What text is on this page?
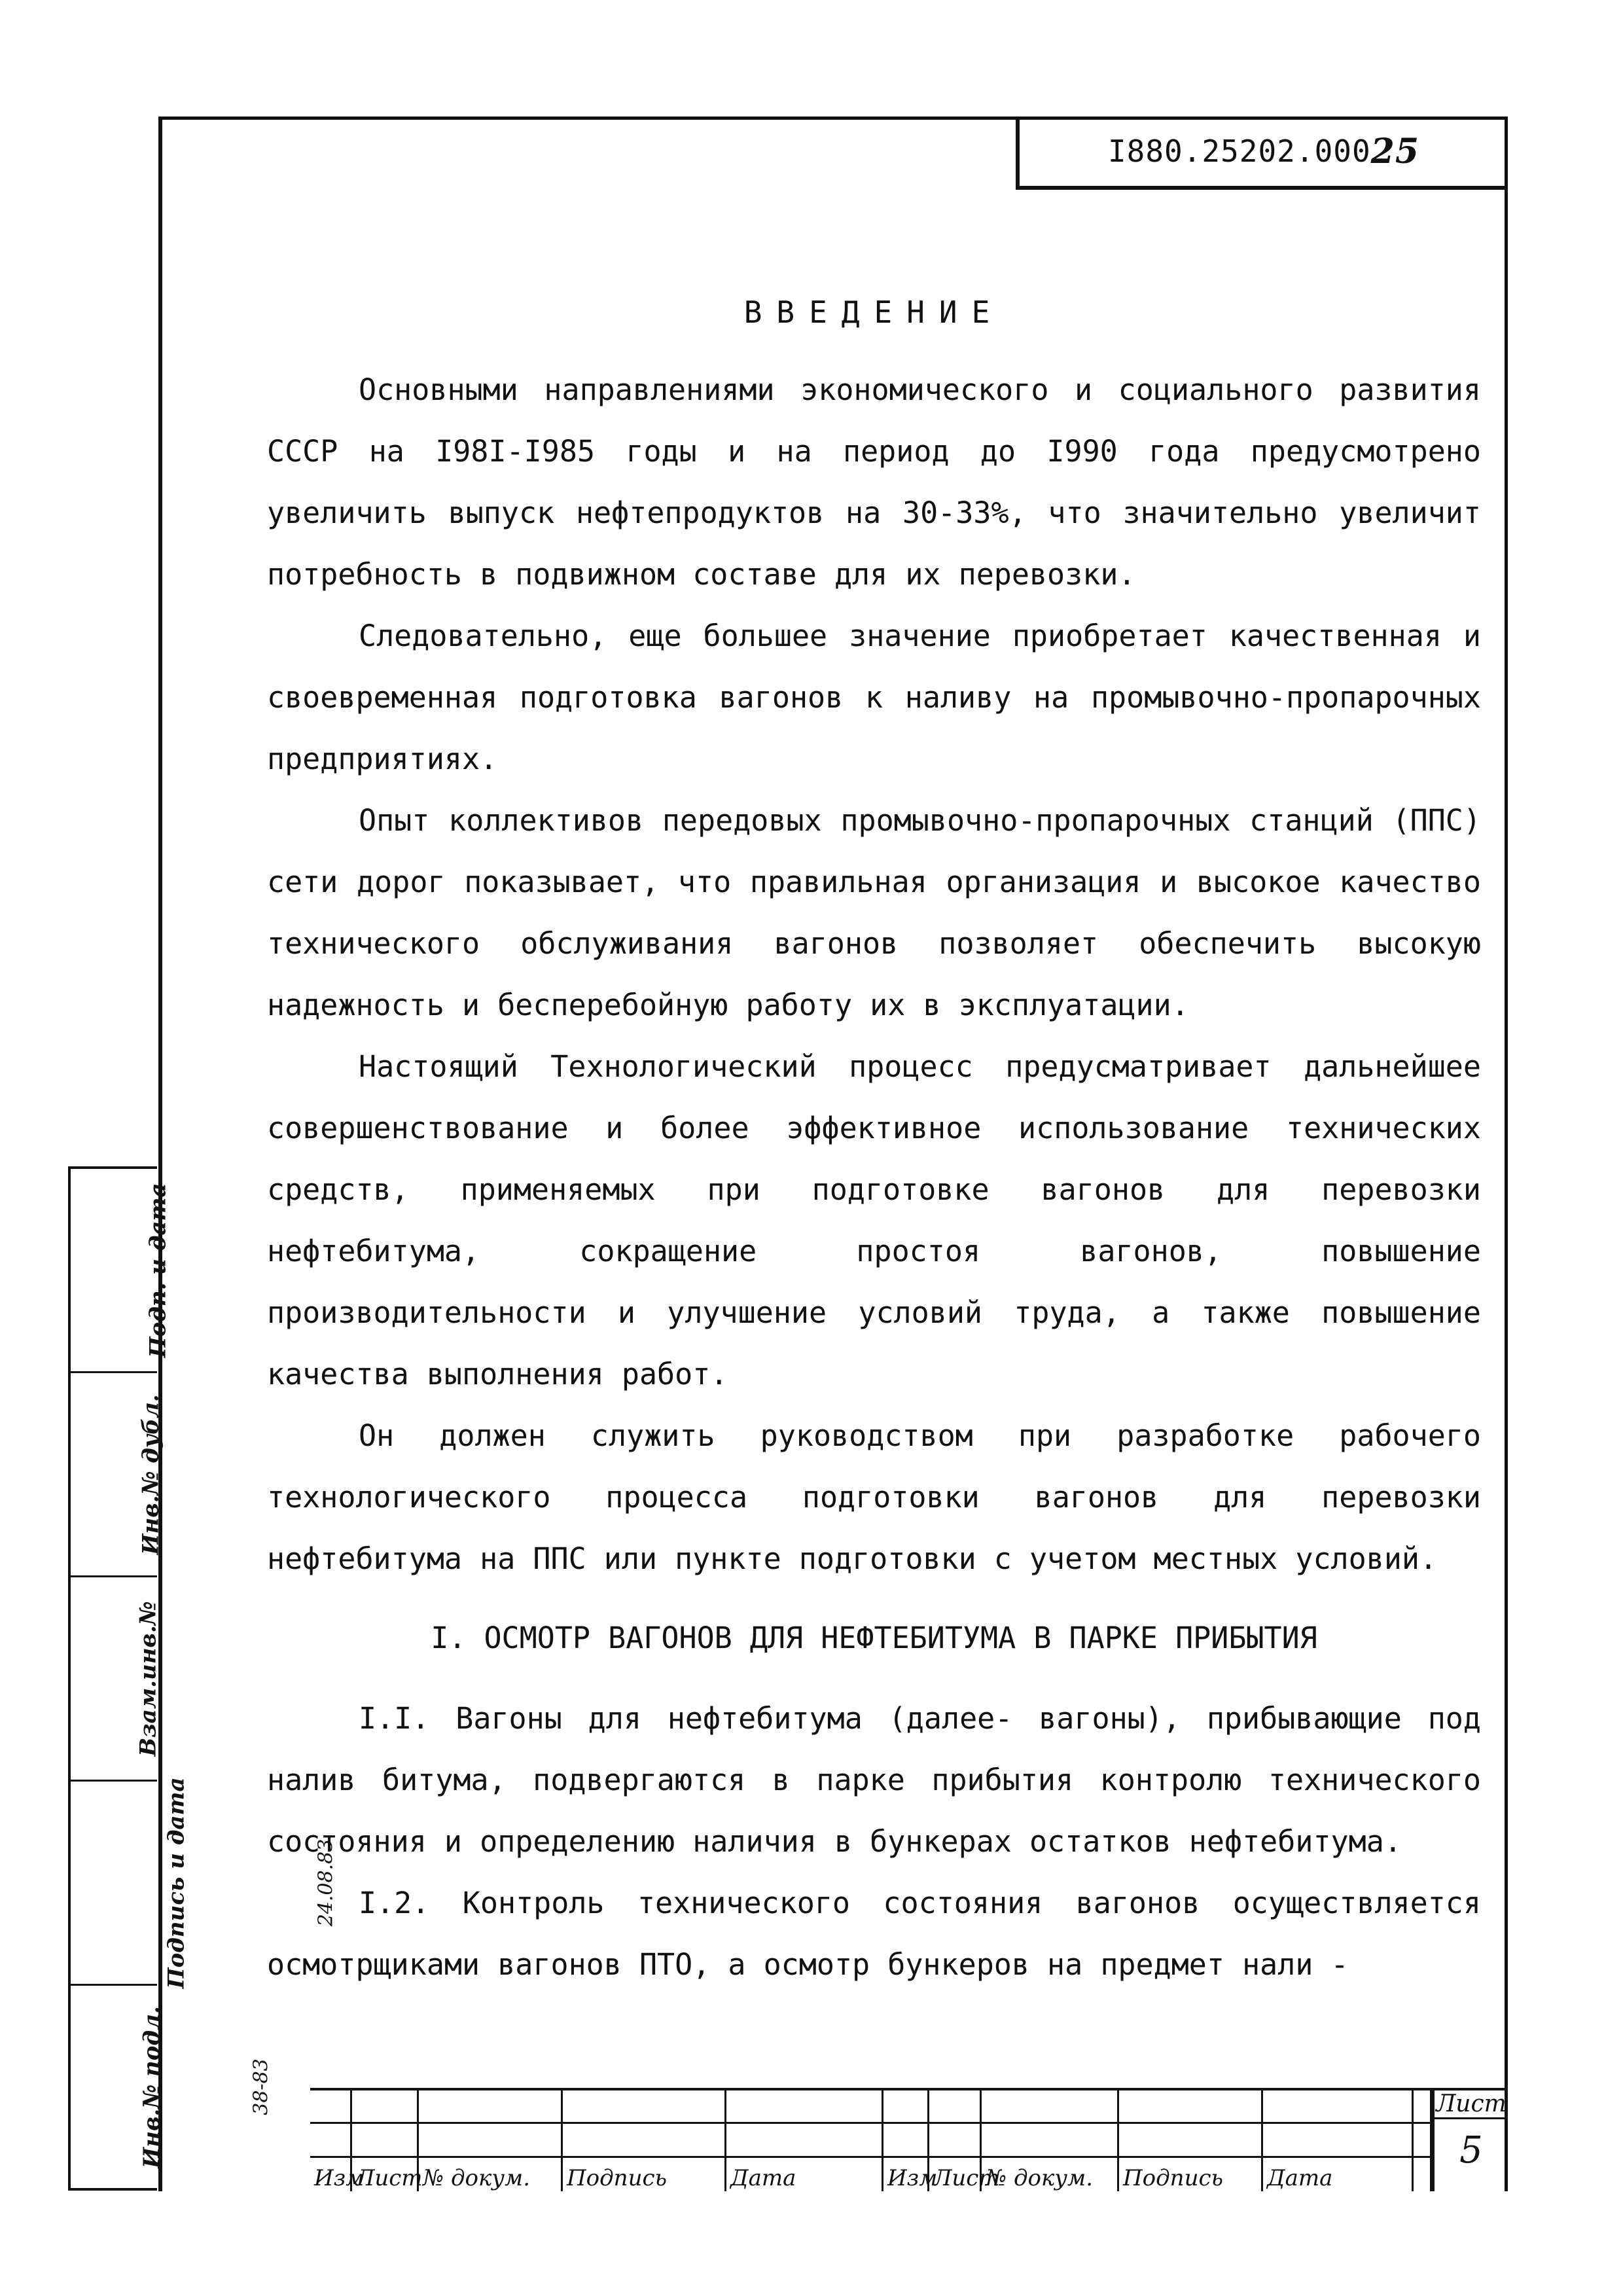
I880.25202.000 25
ВВЕДЕНИЕ

Основными направлениями экономического и социального развития СССР на I98I-I985 годы и на период до I990 года предусмотрено увеличить выпуск нефтепродуктов на 30-33%, что значительно увеличит потребность в подвижном составе для их перевозки.

Следовательно, еще большее значение приобретает качественная и своевременная подготовка вагонов к наливу на промывочно-пропарочных предприятиях.

Опыт коллективов передовых промывочно-пропарочных станций (ППС) сети дорог показывает, что правильная организация и высокое качество технического обслуживания вагонов позволяет обеспечить высокую надежность и бесперебойную работу их в эксплуатации.

Настоящий Технологический процесс предусматривает дальнейшее совершенствование и более эффективное использование технических средств, применяемых при подготовке вагонов для перевозки нефтебитума, сокращение простоя вагонов, повышение производительности и улучшение условий труда, а также повышение качества выполнения работ.

Он должен служить руководством при разработке рабочего технологического процесса подготовки вагонов для перевозки нефтебитума на ППС или пункте подготовки с учетом местных условий.

I. ОСМОТР ВАГОНОВ ДЛЯ НЕФТЕБИТУМА В ПАРКЕ ПРИБЫТИЯ

I.I. Вагоны для нефтебитума (далее- вагоны), прибывающие под налив битума, подвергаются в парке прибытия контролю технического состояния и определению наличия в бункерах остатков нефтебитума.

I.2. Контроль технического состояния вагонов осуществляется осмотрщиками вагонов ПТО, а осмотр бункеров на предмет нали -

Подп. и дата
Инв.№ дубл.
Взам.инв.№
Подпись и дата	24.08.83
Инв.№ подл.	38-83
Изм
Лист № докум.	Подпись	Дата	Изм
Лист
№ докум.	Подпись	Дата
Лист
5
